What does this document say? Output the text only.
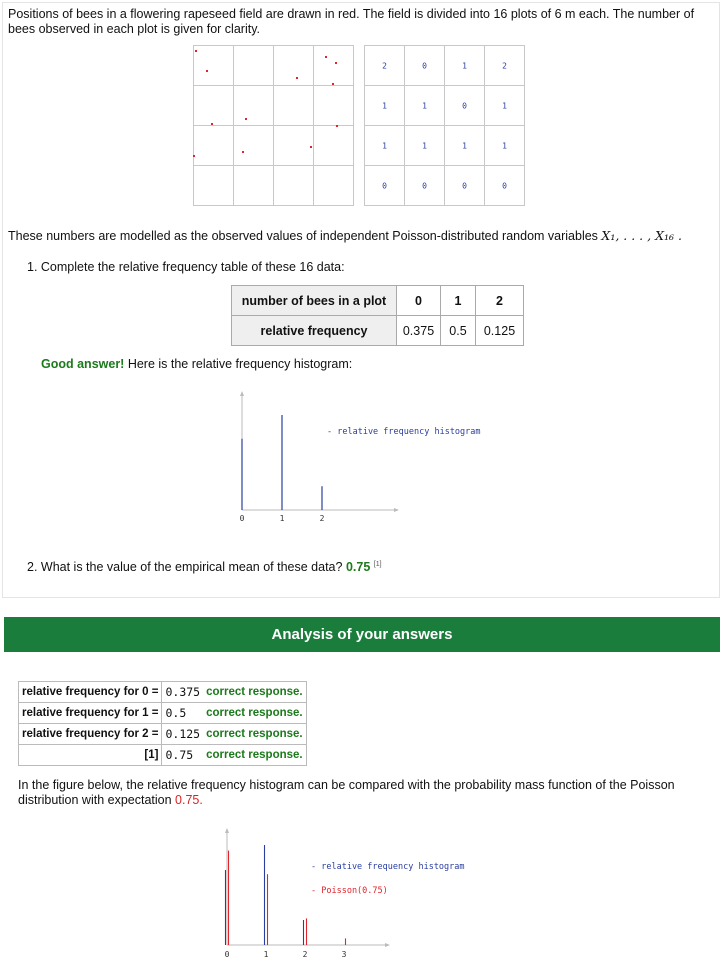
Positions of bees in a flowering rapeseed field are drawn in red. The field is divided into 16 plots of 6 m each. The number of bees observed in each plot is given for clarity.
2	0	1	2
1	1	0	1
1	1	1	1
0	0	0	0
These numbers are modelled as the observed values of independent Poisson-distributed random variables X₁, . . . , X₁₆ .
1. Complete the relative frequency table of these 16 data:
number of bees in a plot	0	1	2
relative frequency	0.375	0.5	0.125
Good answer! Here is the relative frequency histogram:
- relative frequency histogram
0	1	2
2. What is the value of the empirical mean of these data? 0.75 [1]
Analysis of your answers
relative frequency for 0 =	0.375	correct response.
relative frequency for 1 =	0.5	correct response.
relative frequency for 2 =	0.125	correct response.
[1]	0.75	correct response.
In the figure below, the relative frequency histogram can be compared with the probability mass function of the Poisson distribution with expectation 0.75.
- relative frequency histogram
- Poisson(0.75)
0	1	2	3
